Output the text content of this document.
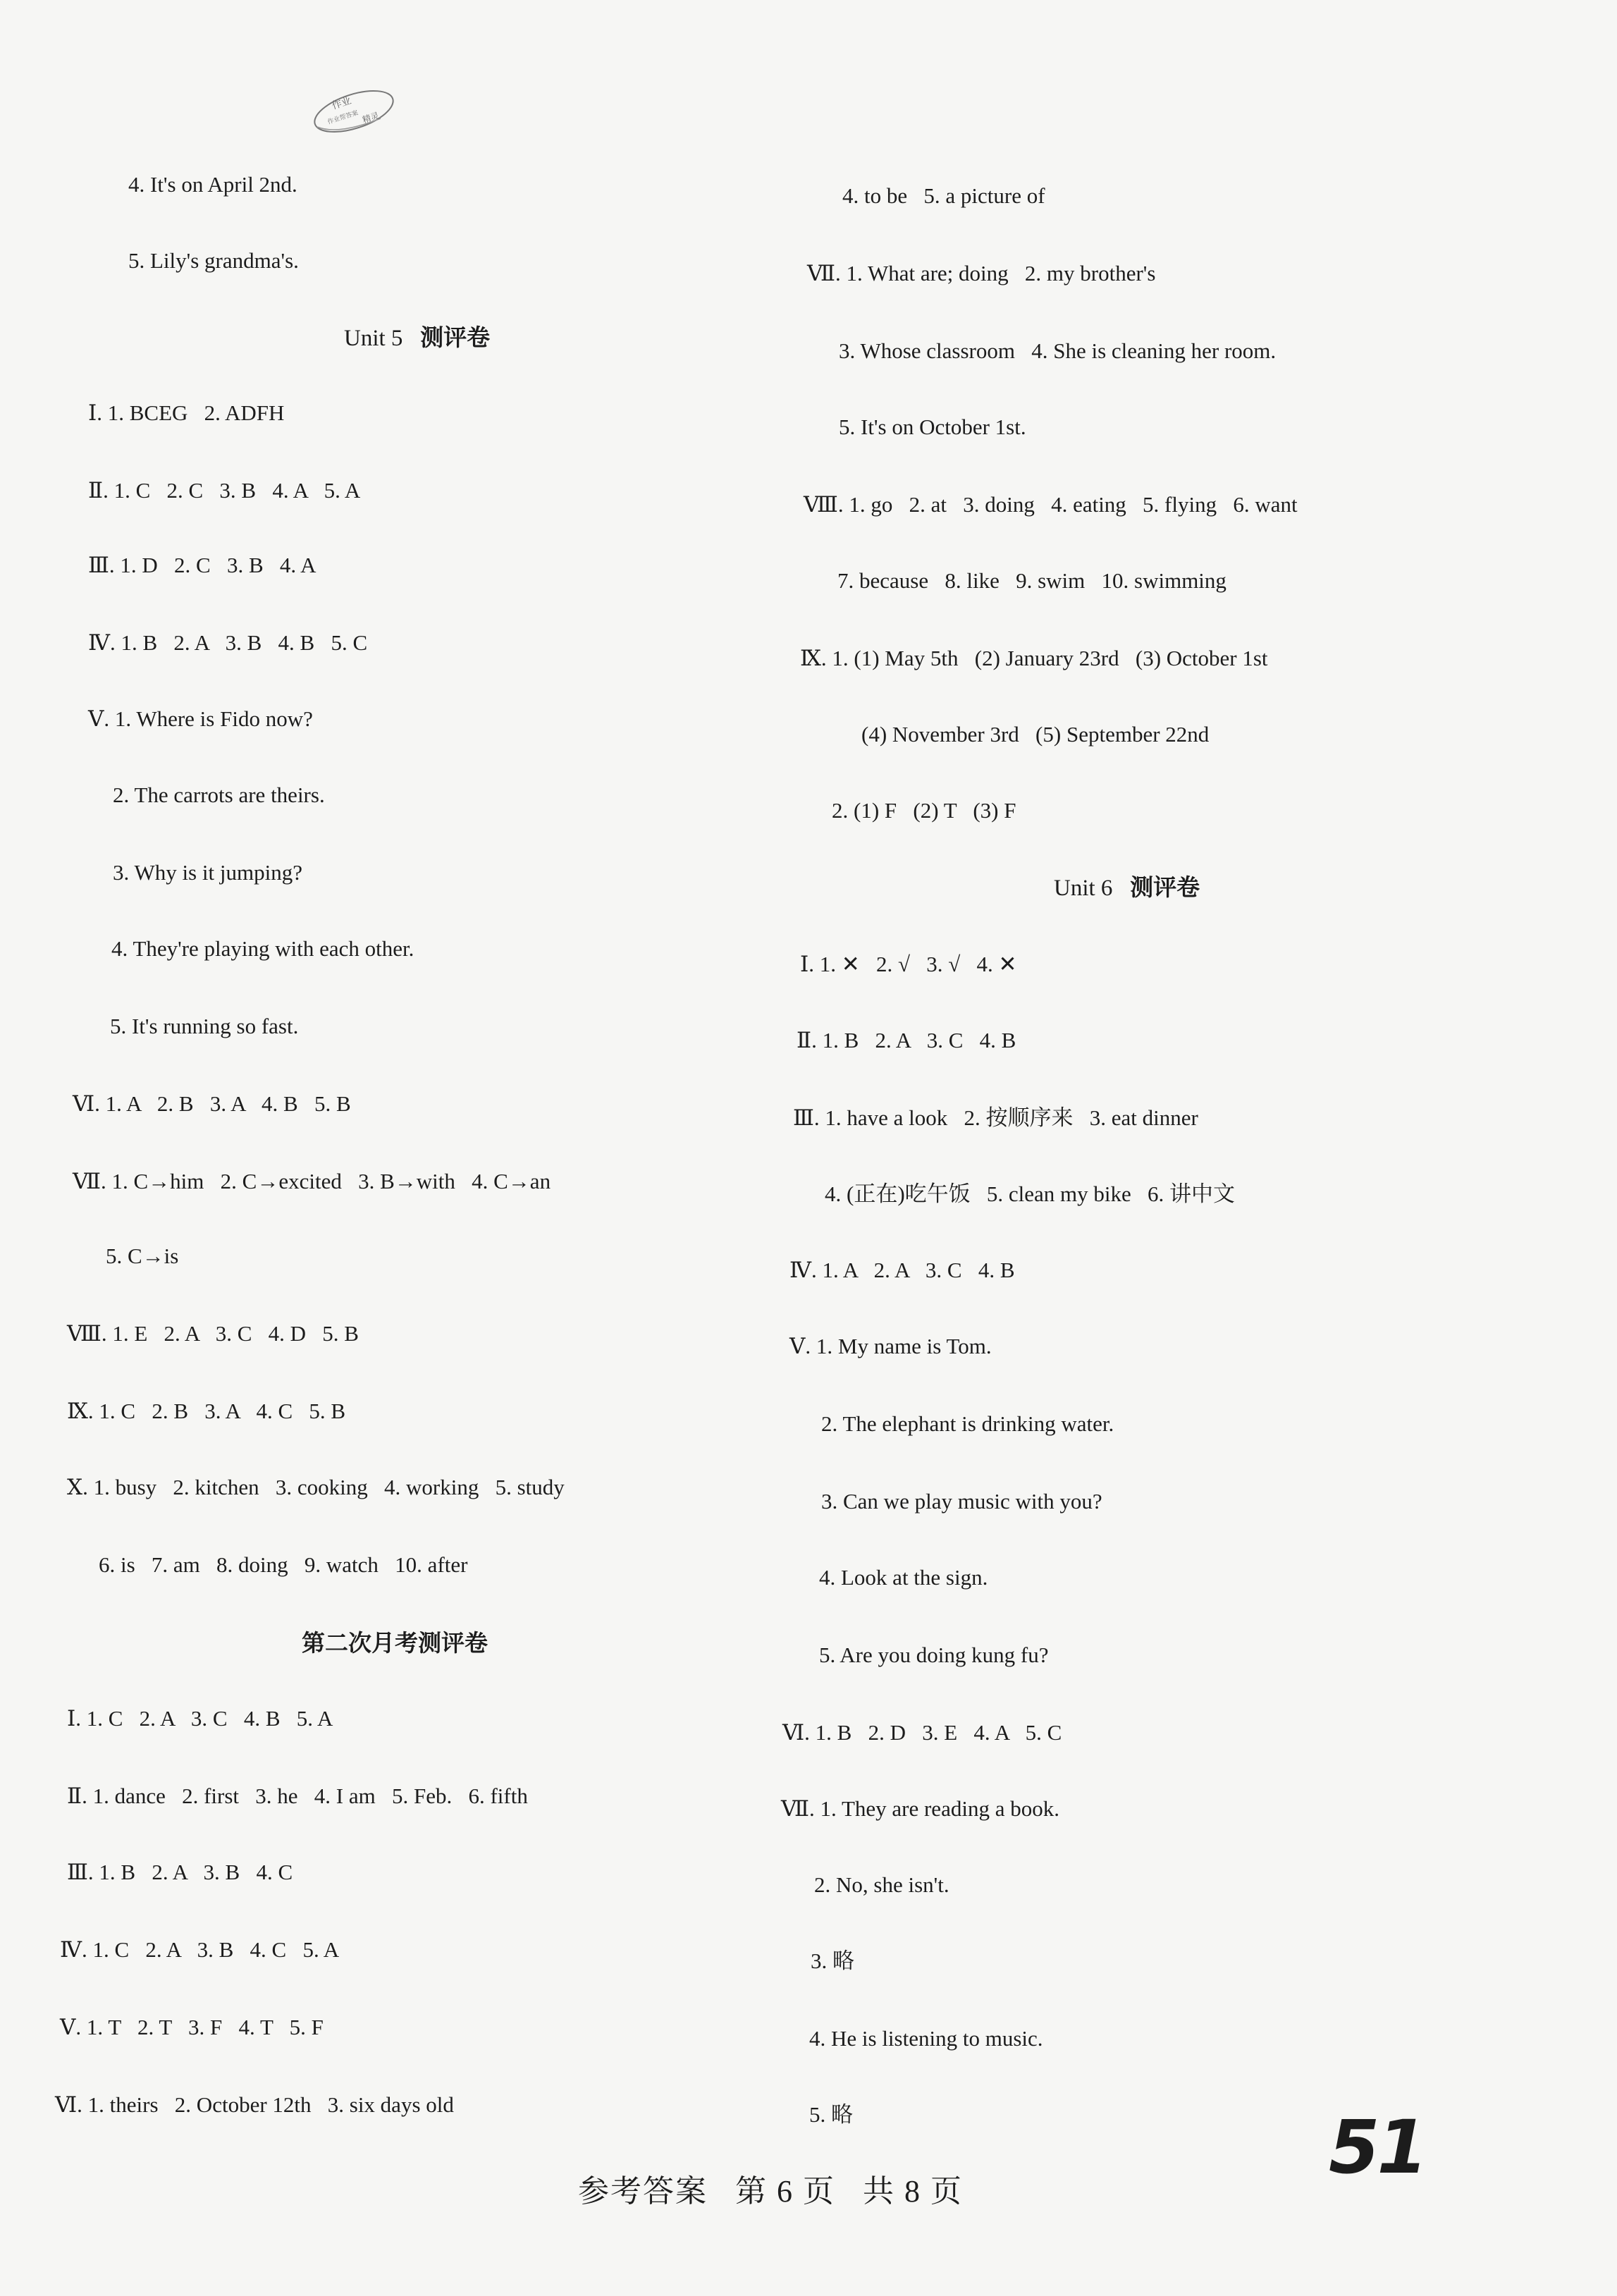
作业
作业帮答案 精灵
4. It's on April 2nd.
5. Lily's grandma's.
Unit 5 测评卷
Ⅰ. 1. BCEG   2. ADFH
Ⅱ. 1. C   2. C   3. B   4. A   5. A
Ⅲ. 1. D   2. C   3. B   4. A
Ⅳ. 1. B   2. A   3. B   4. B   5. C
Ⅴ. 1. Where is Fido now?
2. The carrots are theirs.
3. Why is it jumping?
4. They're playing with each other.
5. It's running so fast.
Ⅵ. 1. A   2. B   3. A   4. B   5. B
Ⅶ. 1. C→him   2. C→excited   3. B→with   4. C→an
5. C→is
Ⅷ. 1. E   2. A   3. C   4. D   5. B
Ⅸ. 1. C   2. B   3. A   4. C   5. B
Ⅹ. 1. busy   2. kitchen   3. cooking   4. working   5. study
6. is   7. am   8. doing   9. watch   10. after
第二次月考测评卷
Ⅰ. 1. C   2. A   3. C   4. B   5. A
Ⅱ. 1. dance   2. first   3. he   4. I am   5. Feb.   6. fifth
Ⅲ. 1. B   2. A   3. B   4. C
Ⅳ. 1. C   2. A   3. B   4. C   5. A
Ⅴ. 1. T   2. T   3. F   4. T   5. F
Ⅵ. 1. theirs   2. October 12th   3. six days old
4. to be   5. a picture of
Ⅶ. 1. What are; doing   2. my brother's
3. Whose classroom   4. She is cleaning her room.
5. It's on October 1st.
Ⅷ. 1. go   2. at   3. doing   4. eating   5. flying   6. want
7. because   8. like   9. swim   10. swimming
Ⅸ. 1. (1) May 5th   (2) January 23rd   (3) October 1st
(4) November 3rd   (5) September 22nd
2. (1) F   (2) T   (3) F
Unit 6 测评卷
Ⅰ. 1. ✕   2. √   3. √   4. ✕
Ⅱ. 1. B   2. A   3. C   4. B
Ⅲ. 1. have a look   2. 按顺序来   3. eat dinner
4. (正在)吃午饭   5. clean my bike   6. 讲中文
Ⅳ. 1. A   2. A   3. C   4. B
Ⅴ. 1. My name is Tom.
2. The elephant is drinking water.
3. Can we play music with you?
4. Look at the sign.
5. Are you doing kung fu?
Ⅵ. 1. B   2. D   3. E   4. A   5. C
Ⅶ. 1. They are reading a book.
2. No, she isn't.
3. 略
4. He is listening to music.
5. 略
参考答案   第 6 页   共 8 页
51
